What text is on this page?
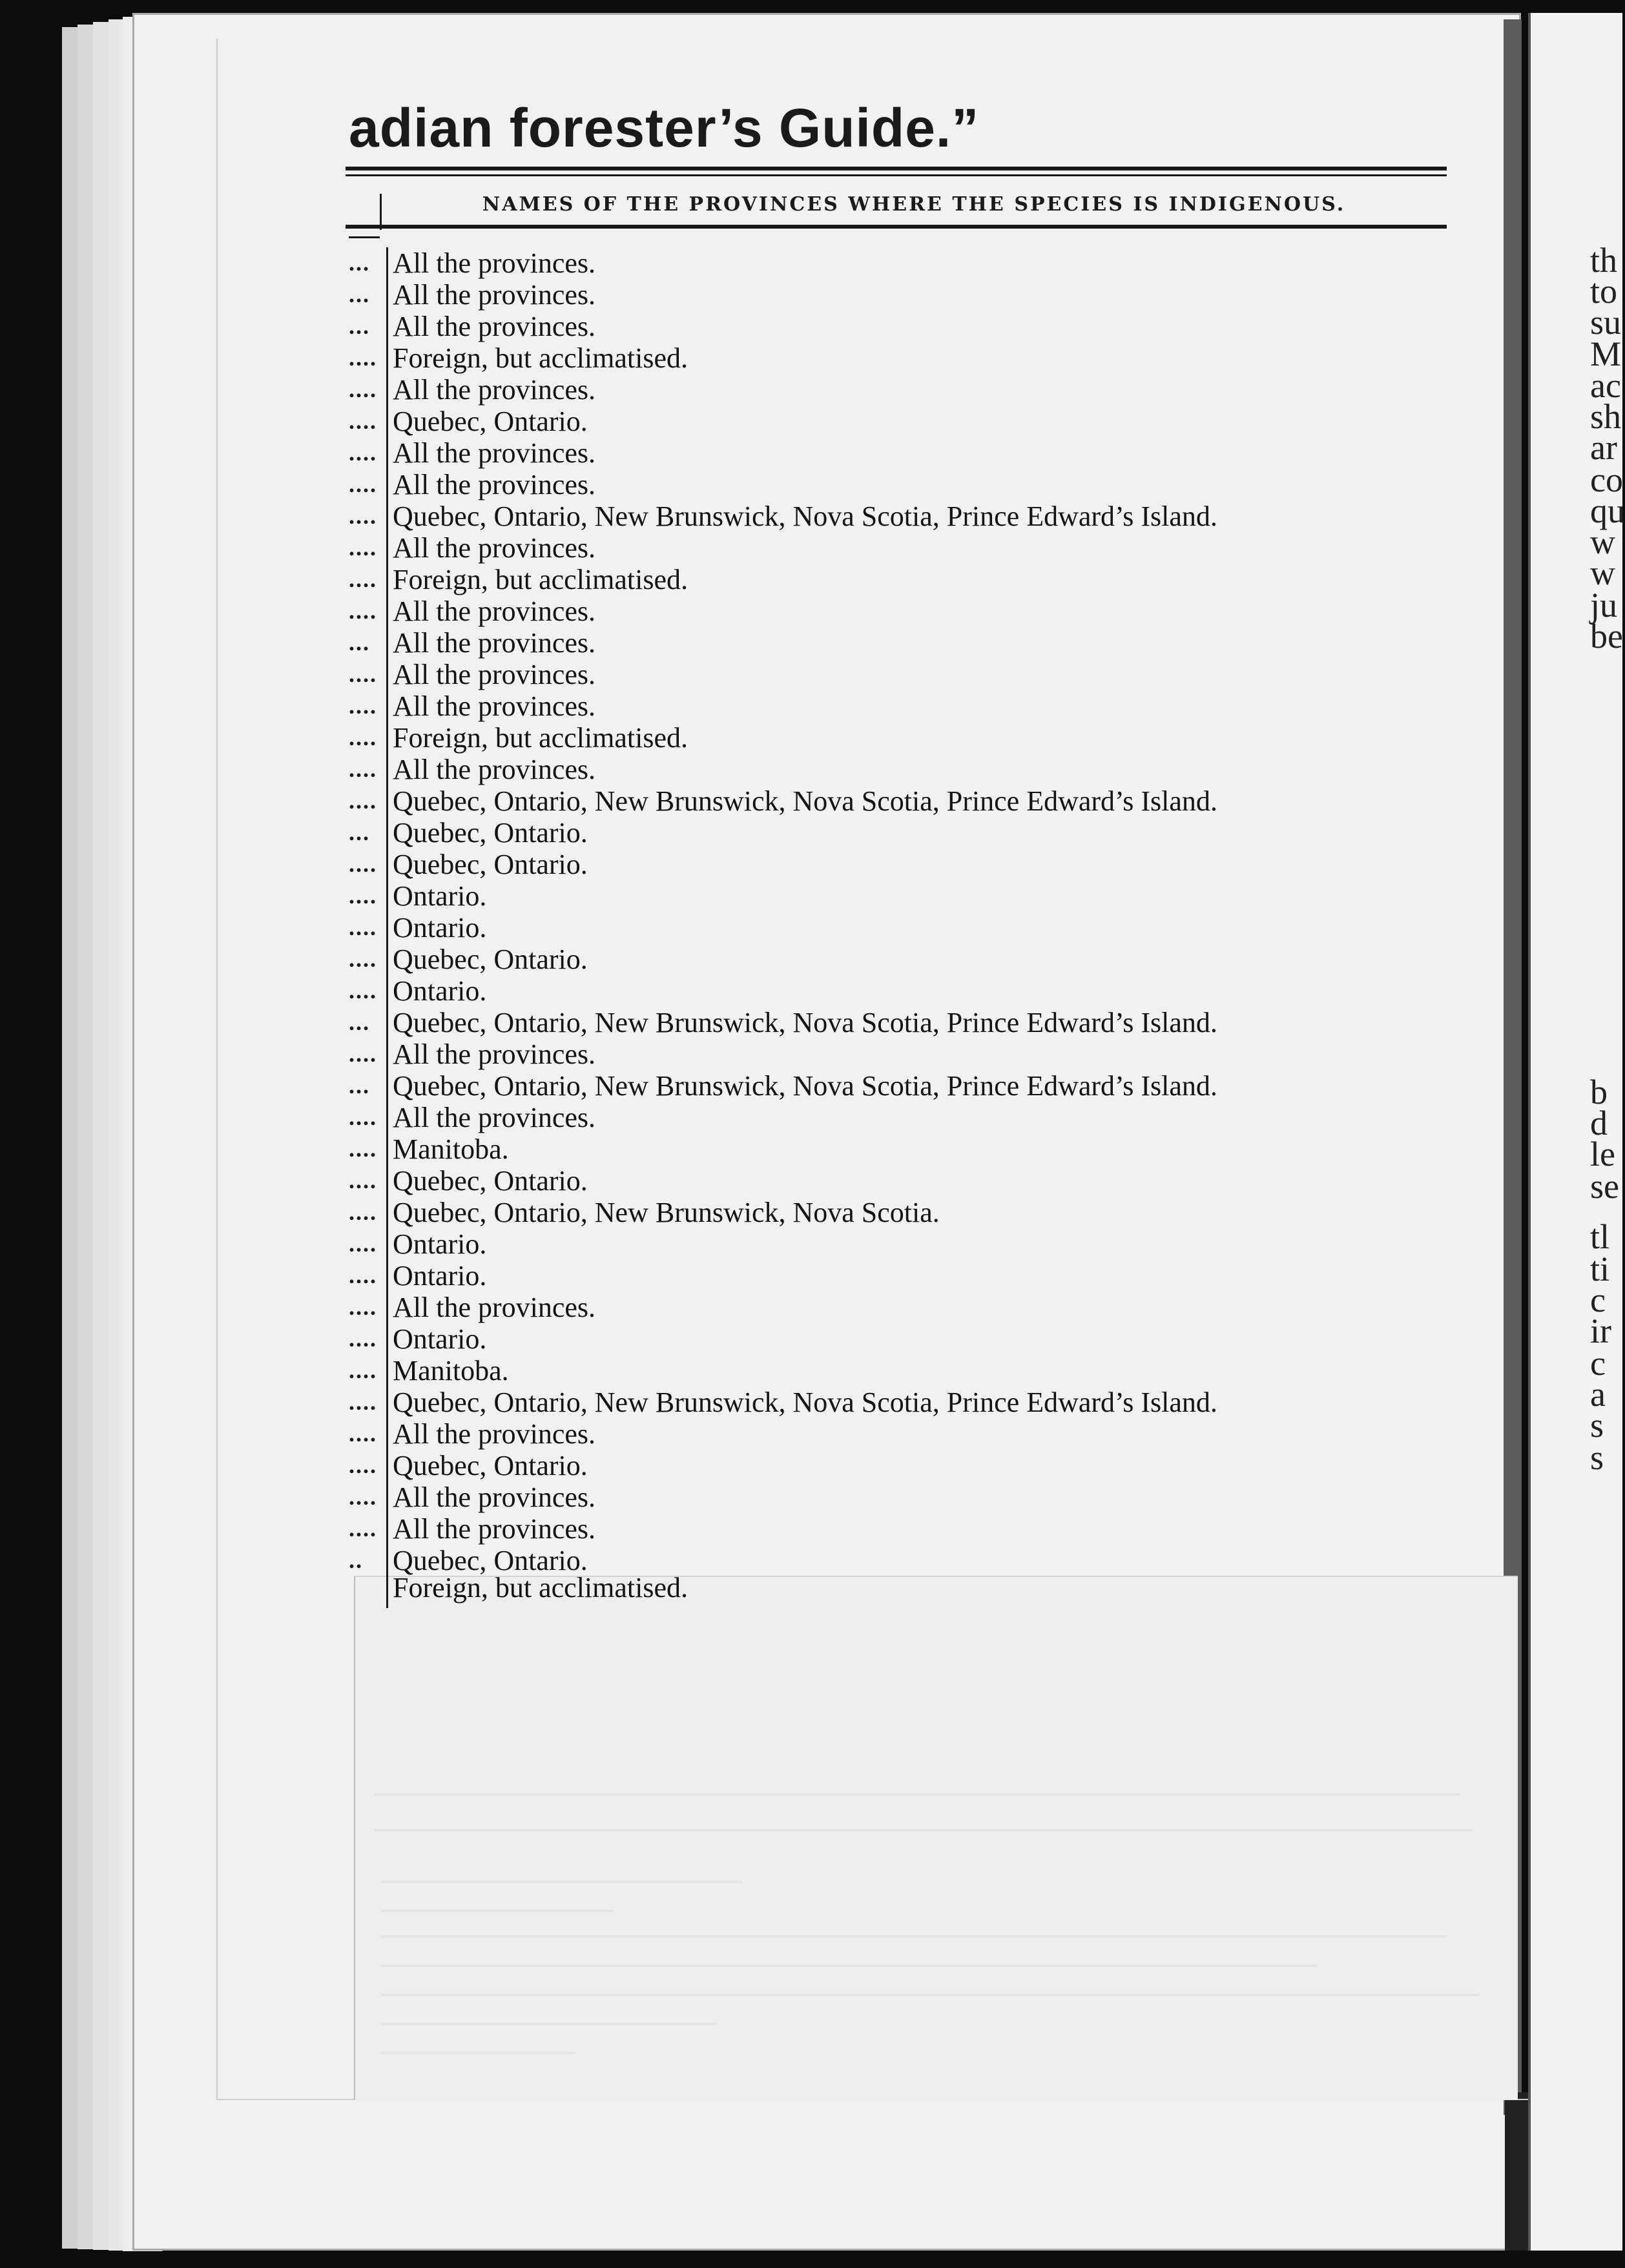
th
to
su
M
ac
sh
ar
co
qu
w
w
ju
be
b
d
le
se
tl
ti
c
ir
c
a
s
s
adian forester’s Guide.”
NAMES OF THE PROVINCES WHERE THE SPECIES IS INDIGENOUS.
... All the provinces.
... All the provinces.
... All the provinces.
.... Foreign, but acclimatised.
.... All the provinces.
.... Quebec, Ontario.
.... All the provinces.
.... All the provinces.
.... Quebec, Ontario, New Brunswick, Nova Scotia, Prince Edward’s Island.
.... All the provinces.
.... Foreign, but acclimatised.
.... All the provinces.
... All the provinces.
.... All the provinces.
.... All the provinces.
.... Foreign, but acclimatised.
.... All the provinces.
.... Quebec, Ontario, New Brunswick, Nova Scotia, Prince Edward’s Island.
... Quebec, Ontario.
.... Quebec, Ontario.
.... Ontario.
.... Ontario.
.... Quebec, Ontario.
.... Ontario.
... Quebec, Ontario, New Brunswick, Nova Scotia, Prince Edward’s Island.
.... All the provinces.
... Quebec, Ontario, New Brunswick, Nova Scotia, Prince Edward’s Island.
.... All the provinces.
.... Manitoba.
.... Quebec, Ontario.
.... Quebec, Ontario, New Brunswick, Nova Scotia.
.... Ontario.
.... Ontario.
.... All the provinces.
.... Ontario.
.... Manitoba.
.... Quebec, Ontario, New Brunswick, Nova Scotia, Prince Edward’s Island.
.... All the provinces.
.... Quebec, Ontario.
.... All the provinces.
.... All the provinces.
..	Quebec, Ontario.
Foreign, but acclimatised.
